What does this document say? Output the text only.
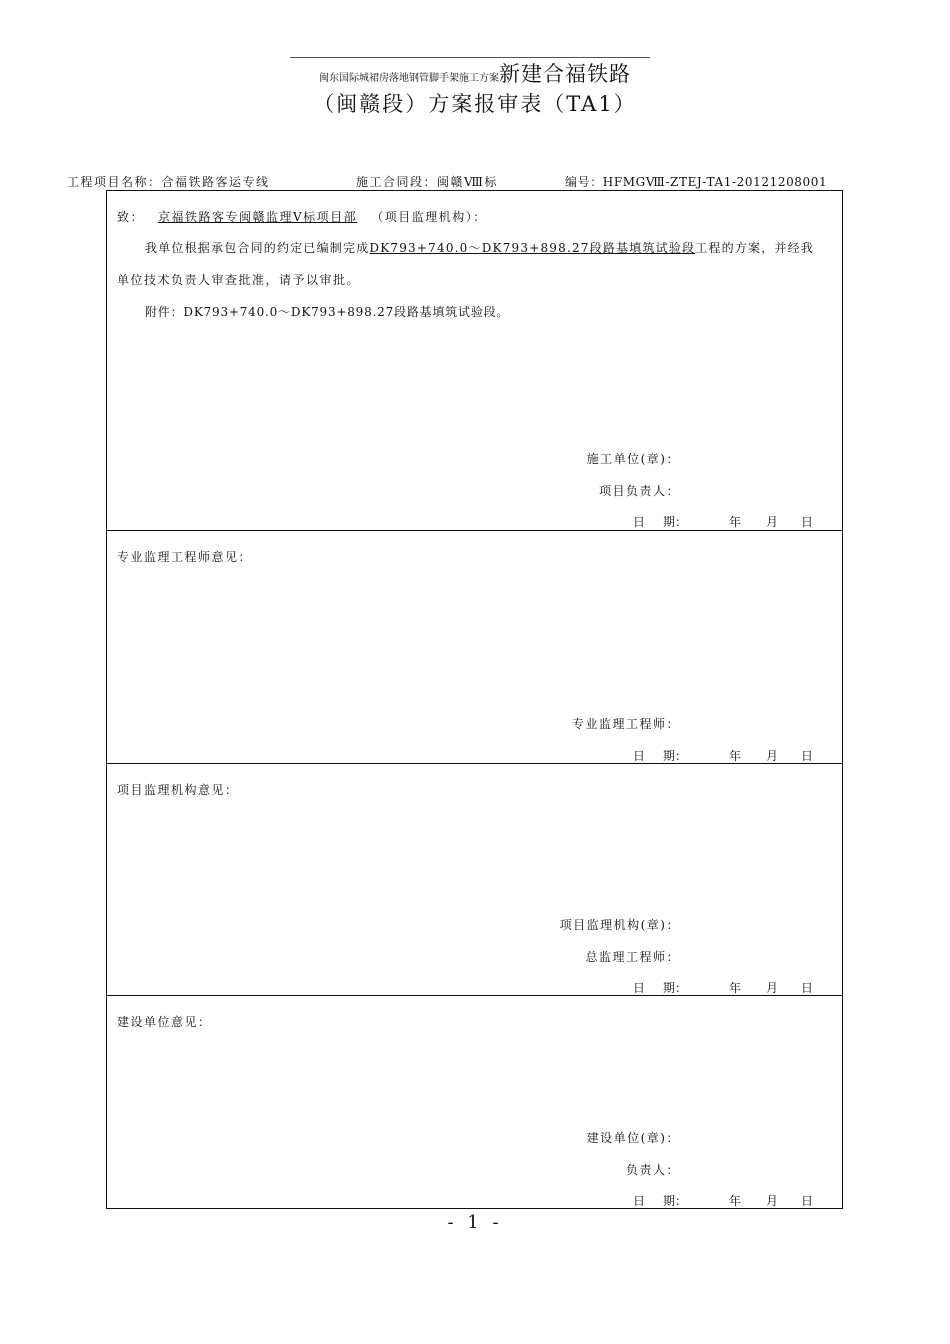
闽东国际城裙房落地钢管脚手架施工方案新建合福铁路
（闽赣段）方案报审表（TA1）
工程项目名称：合福铁路客运专线	施工合同段：闽赣Ⅷ标	编号：HFMGⅧ-ZTEJ-TA1-20121208001
致： 京福铁路客专闽赣监理Ⅴ标项目部 （项目监理机构）：
我单位根据承包合同的约定已编制完成DK793+740.0～DK793+898.27段路基填筑试验段工程的方案，并经我
单位技术负责人审查批准，请予以审批。
附件：DK793+740.0～DK793+898.27段路基填筑试验段。
施工单位(章)：
项目负责人：
日 期：	年 月 日
专业监理工程师意见：
专业监理工程师：
日 期：	年 月 日
项目监理机构意见：
项目监理机构(章)：
总监理工程师：
日 期：	年 月 日
建设单位意见：
建设单位(章)：
负责人：
日 期：	年 月 日
- 1 -
